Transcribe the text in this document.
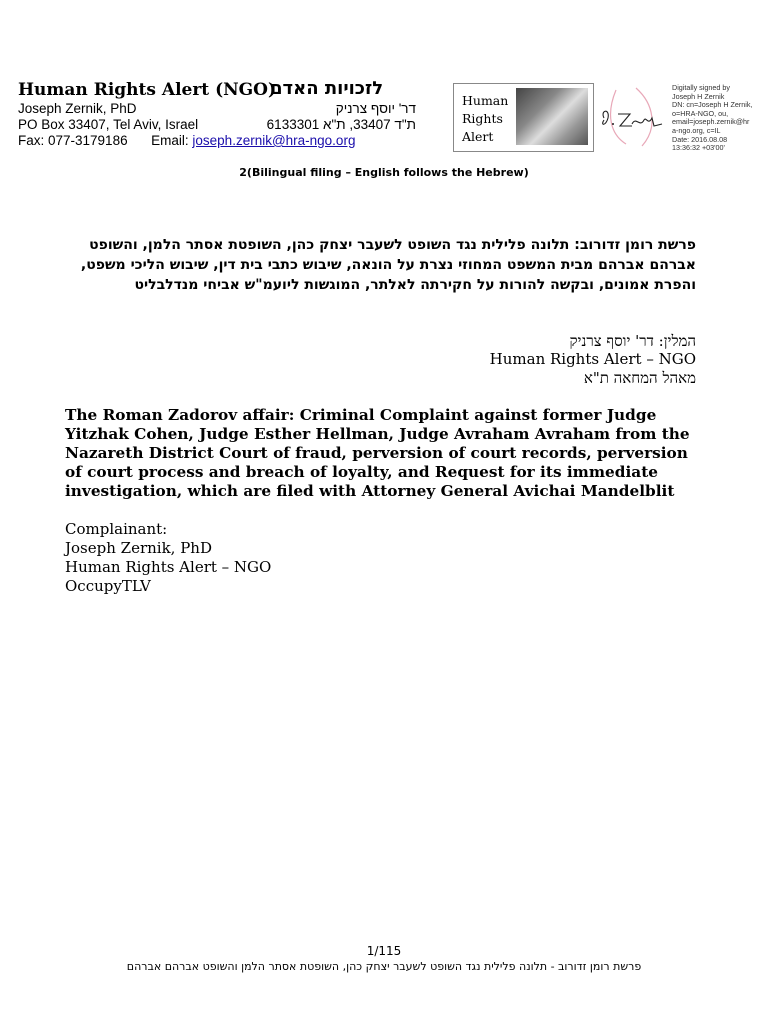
Human Rights Alert (NGO)
לזכויות האדם
Joseph Zernik, PhD	דר' יוסף צרניק
PO Box 33407, Tel Aviv, Israel	ת"ד 33407, ת"א 6133301
Fax: 077-3179186 Email: joseph.zernik@hra-ngo.org
Human
Rights
Alert
Digitally signed by
Joseph H Zernik
DN: cn=Joseph H Zernik,
o=HRA-NGO, ou,
email=joseph.zernik@hr
a-ngo.org, c=IL
Date: 2016.08.08
13:36:32 +03'00'
2(Bilingual filing – English follows the Hebrew)
פרשת רומן זדורוב: תלונה פלילית נגד השופט לשעבר יצחק כהן, השופטת אסתר הלמן, והשופט אברהם אברהם מבית המשפט המחוזי נצרת על הונאה, שיבוש כתבי בית דין, שיבוש הליכי משפט, והפרת אמונים, ובקשה להורות על חקירתה לאלתר, המוגשות ליועמ"ש אביחי מנדלבליט
המלין: דר' יוסף צרניק
Human Rights Alert – NGO
מאהל המחאה ת"א
The Roman Zadorov affair: Criminal Complaint against former Judge Yitzhak Cohen, Judge Esther Hellman, Judge Avraham Avraham from the Nazareth District Court of fraud, perversion of court records, perversion of court process and breach of loyalty, and Request for its immediate investigation, which are filed with Attorney General Avichai Mandelblit
Complainant:
Joseph Zernik, PhD
Human Rights Alert – NGO
OccupyTLV
1/115
פרשת רומן זדורוב - תלונה פלילית נגד השופט לשעבר יצחק כהן, השופטת אסתר הלמן והשופט אברהם אברהם
